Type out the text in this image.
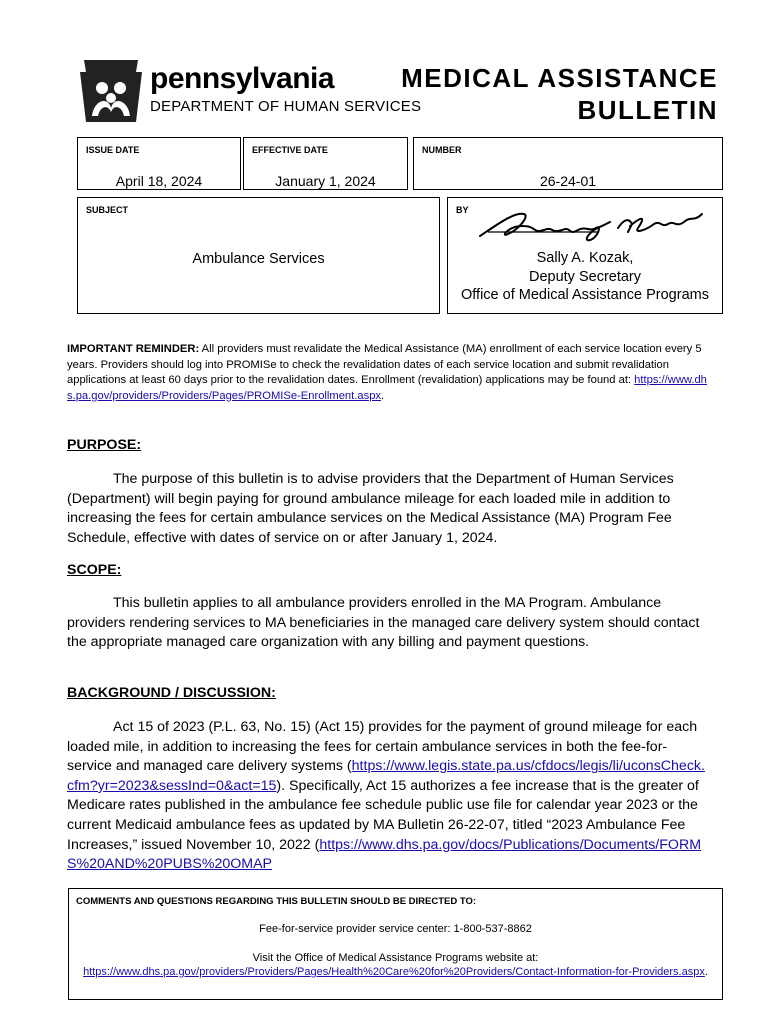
pennsylvania
DEPARTMENT OF HUMAN SERVICES
MEDICAL ASSISTANCE
BULLETIN
ISSUE DATE
April 18, 2024
EFFECTIVE DATE
January 1, 2024
NUMBER
26-24-01
SUBJECT
Ambulance Services
BY
Sally A. Kozak,
Deputy Secretary
Office of Medical Assistance Programs
IMPORTANT REMINDER: All providers must revalidate the Medical Assistance (MA) enrollment of each service location every 5 years. Providers should log into PROMISe to check the revalidation dates of each service location and submit revalidation applications at least 60 days prior to the revalidation dates. Enrollment (revalidation) applications may be found at: https://www.dhs.pa.gov/providers/Providers/Pages/PROMISe-Enrollment.aspx.
PURPOSE:
The purpose of this bulletin is to advise providers that the Department of Human Services (Department) will begin paying for ground ambulance mileage for each loaded mile in addition to increasing the fees for certain ambulance services on the Medical Assistance (MA) Program Fee Schedule, effective with dates of service on or after January 1, 2024.
SCOPE:
This bulletin applies to all ambulance providers enrolled in the MA Program. Ambulance providers rendering services to MA beneficiaries in the managed care delivery system should contact the appropriate managed care organization with any billing and payment questions.
BACKGROUND / DISCUSSION:
Act 15 of 2023 (P.L. 63, No. 15) (Act 15) provides for the payment of ground mileage for each loaded mile, in addition to increasing the fees for certain ambulance services in both the fee-for-service and managed care delivery systems (https://www.legis.state.pa.us/cfdocs/legis/li/uconsCheck.cfm?yr=2023&sessInd=0&act=15). Specifically, Act 15 authorizes a fee increase that is the greater of Medicare rates published in the ambulance fee schedule public use file for calendar year 2023 or the current Medicaid ambulance fees as updated by MA Bulletin 26-22-07, titled “2023 Ambulance Fee Increases,” issued November 10, 2022 (https://www.dhs.pa.gov/docs/Publications/Documents/FORMS%20AND%20PUBS%20OMAP
COMMENTS AND QUESTIONS REGARDING THIS BULLETIN SHOULD BE DIRECTED TO:
Fee-for-service provider service center: 1-800-537-8862
Visit the Office of Medical Assistance Programs website at:
https://www.dhs.pa.gov/providers/Providers/Pages/Health%20Care%20for%20Providers/Contact-Information-for-Providers.aspx.
